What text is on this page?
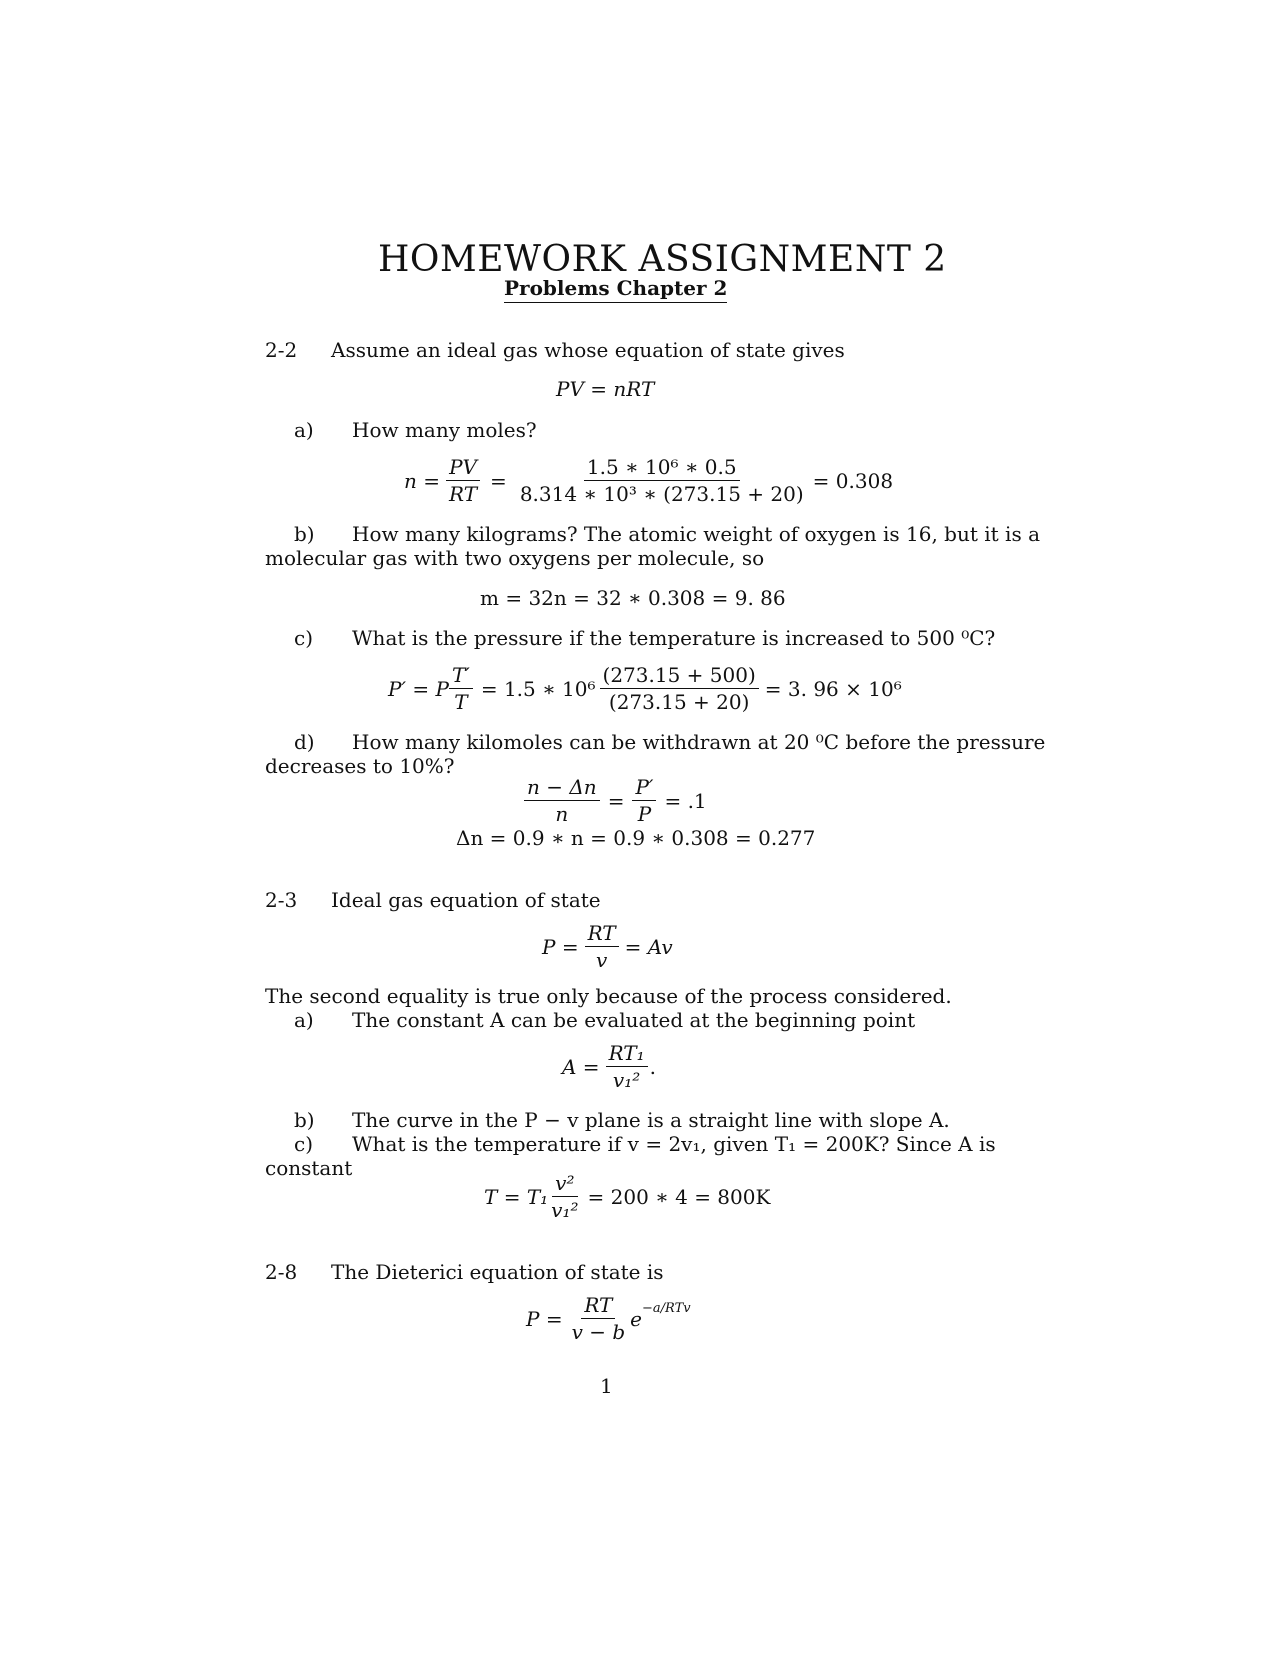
HOMEWORK ASSIGNMENT 2
Problems Chapter 2
2-2 Assume an ideal gas whose equation of state gives
PV = nRT
a) How many moles?
$n = \frac{PV}{RT} = \frac{\text{1.5 ∗ 10⁶ ∗ 0.5}}{\text{8.314 ∗ 10³ ∗ (273.15 + 20)}} = 0.308$
b) How many kilograms? The atomic weight of oxygen is 16, but it is a
molecular gas with two oxygens per molecule, so
m = 32n = 32 ∗ 0.308 = 9. 86
c) What is the pressure if the temperature is increased to 500 ⁰C?
P′ = P $\frac{T'}{T} = 1.5$ ∗ $10^6 \frac{(273.15 + 500)}{(273.15 + 20)} = 3$. 96 × 10⁶
d) How many kilomoles can be withdrawn at 20 ⁰C before the pressure
decreases to 10%?
$\frac{n - \Delta n}{n} = \frac{P'}{P} = .1$
Δn = 0.9 ∗ n = 0.9 ∗ 0.308 = 0.277
2-3 Ideal gas equation of state
$P = \frac{RT}{v} = Av$
The second equality is true only because of the process considered.
a) The constant A can be evaluated at the beginning point
$A = \frac{\text{RT₁}}{\text{v₁²}}$ .
b) The curve in the P − v plane is a straight line with slope A.
c) What is the temperature if v = 2v₁, given T₁ = 200K? Since A is
constant
$T = T_1 \frac{\text{v²}}{\text{v₁²}} = 200$ ∗ 4 = 800K
2-8 The Dieterici equation of state is
$P = \frac{RT}{v - b} e^{-a/RTv}$
1
